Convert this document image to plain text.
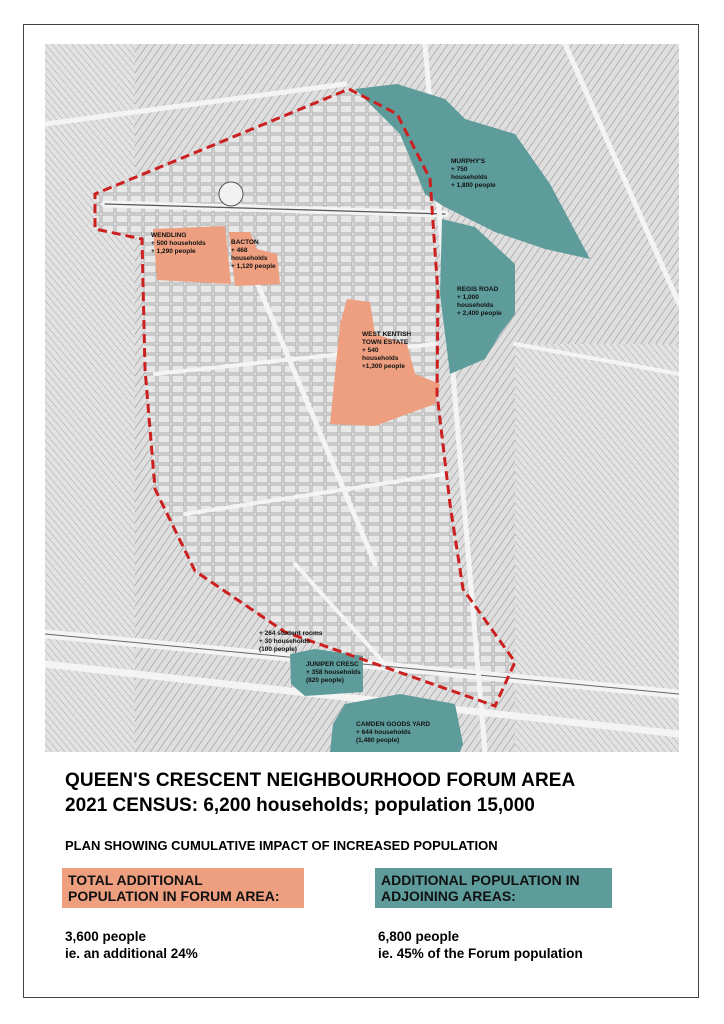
WENDLING
+ 500 households
+ 1,290 people
BACTON
+ 468
households
+ 1,120 people
WEST KENTISH
TOWN ESTATE
+ 540
households
+1,300 people
MURPHY'S
+ 750
households
+ 1,800 people
REGIS ROAD
+ 1,000
households
+ 2,400 people
+ 264 student rooms
+ 30 households
(100 people)
JUNIPER CRESC
+ 358 households
(820 people)
CAMDEN GOODS YARD
+ 644 households
(1,480 people)
QUEEN'S CRESCENT NEIGHBOURHOOD FORUM AREA
2021 CENSUS: 6,200 households; population 15,000
PLAN SHOWING CUMULATIVE IMPACT OF INCREASED POPULATION
TOTAL ADDITIONAL
POPULATION IN FORUM AREA:
ADDITIONAL POPULATION IN
ADJOINING AREAS:
3,600 people
ie. an additional 24%
6,800 people
ie. 45% of the Forum population
